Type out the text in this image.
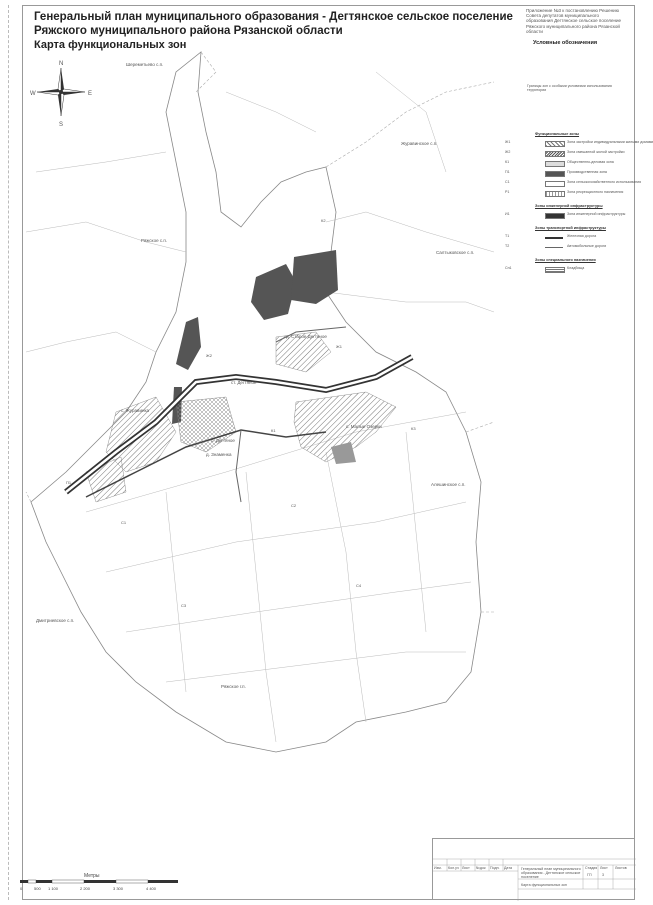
Генеральный план муниципального образования - Дегтянское сельское поселение
Ряжского муниципального района Рязанской области
Карта функциональных зон
Приложение №3 к постановлению Решению Совета депутатов муниципального образования Дегтянское сельское поселение Ряжского муниципального района Рязанской области
N
S
E
W
с. Дегтяное
с. Журавинка
с. Малые Озерки
д. Старое Дегтяное
ст. Дегтяное
д. Знаменка
Ряжское с.п.
Ряжское г.п.
Алешинское с.п.
Дмитриевское с.п.
Журавинское с.п.
Шереметьево с.п.
Салтыковское с.п.
К2
Ж2
Ж1
К3
П1
С1
С2
С3
С4
К1
Условные обозначения
Границы зон с особыми условиями использования территории
Функциональные зоны
Ж1	Зона застройки индивидуальными жилыми домами
Ж2	Зона смешанной жилой застройки
К1	Общественно-деловая зона
П1	Производственная зона
С1	Зона сельскохозяйственного использования
Р1	Зона рекреационного назначения
Зоны инженерной инфраструктуры
И1	Зона инженерной инфраструктуры
Зоны транспортной инфраструктуры
Т1	Железная дорога
Т2	Автомобильные дороги
Зоны специального назначения
Сп1	Кладбища
Метры
0	500 1 100	2 200	3 300	4 400
Изм. Кол.уч Лист №док Подп. Дата	Генеральный план муниципального образования - Дегтянское сельское поселение
Стадия Лист Листов
ГП	3
Карта функциональных зон
